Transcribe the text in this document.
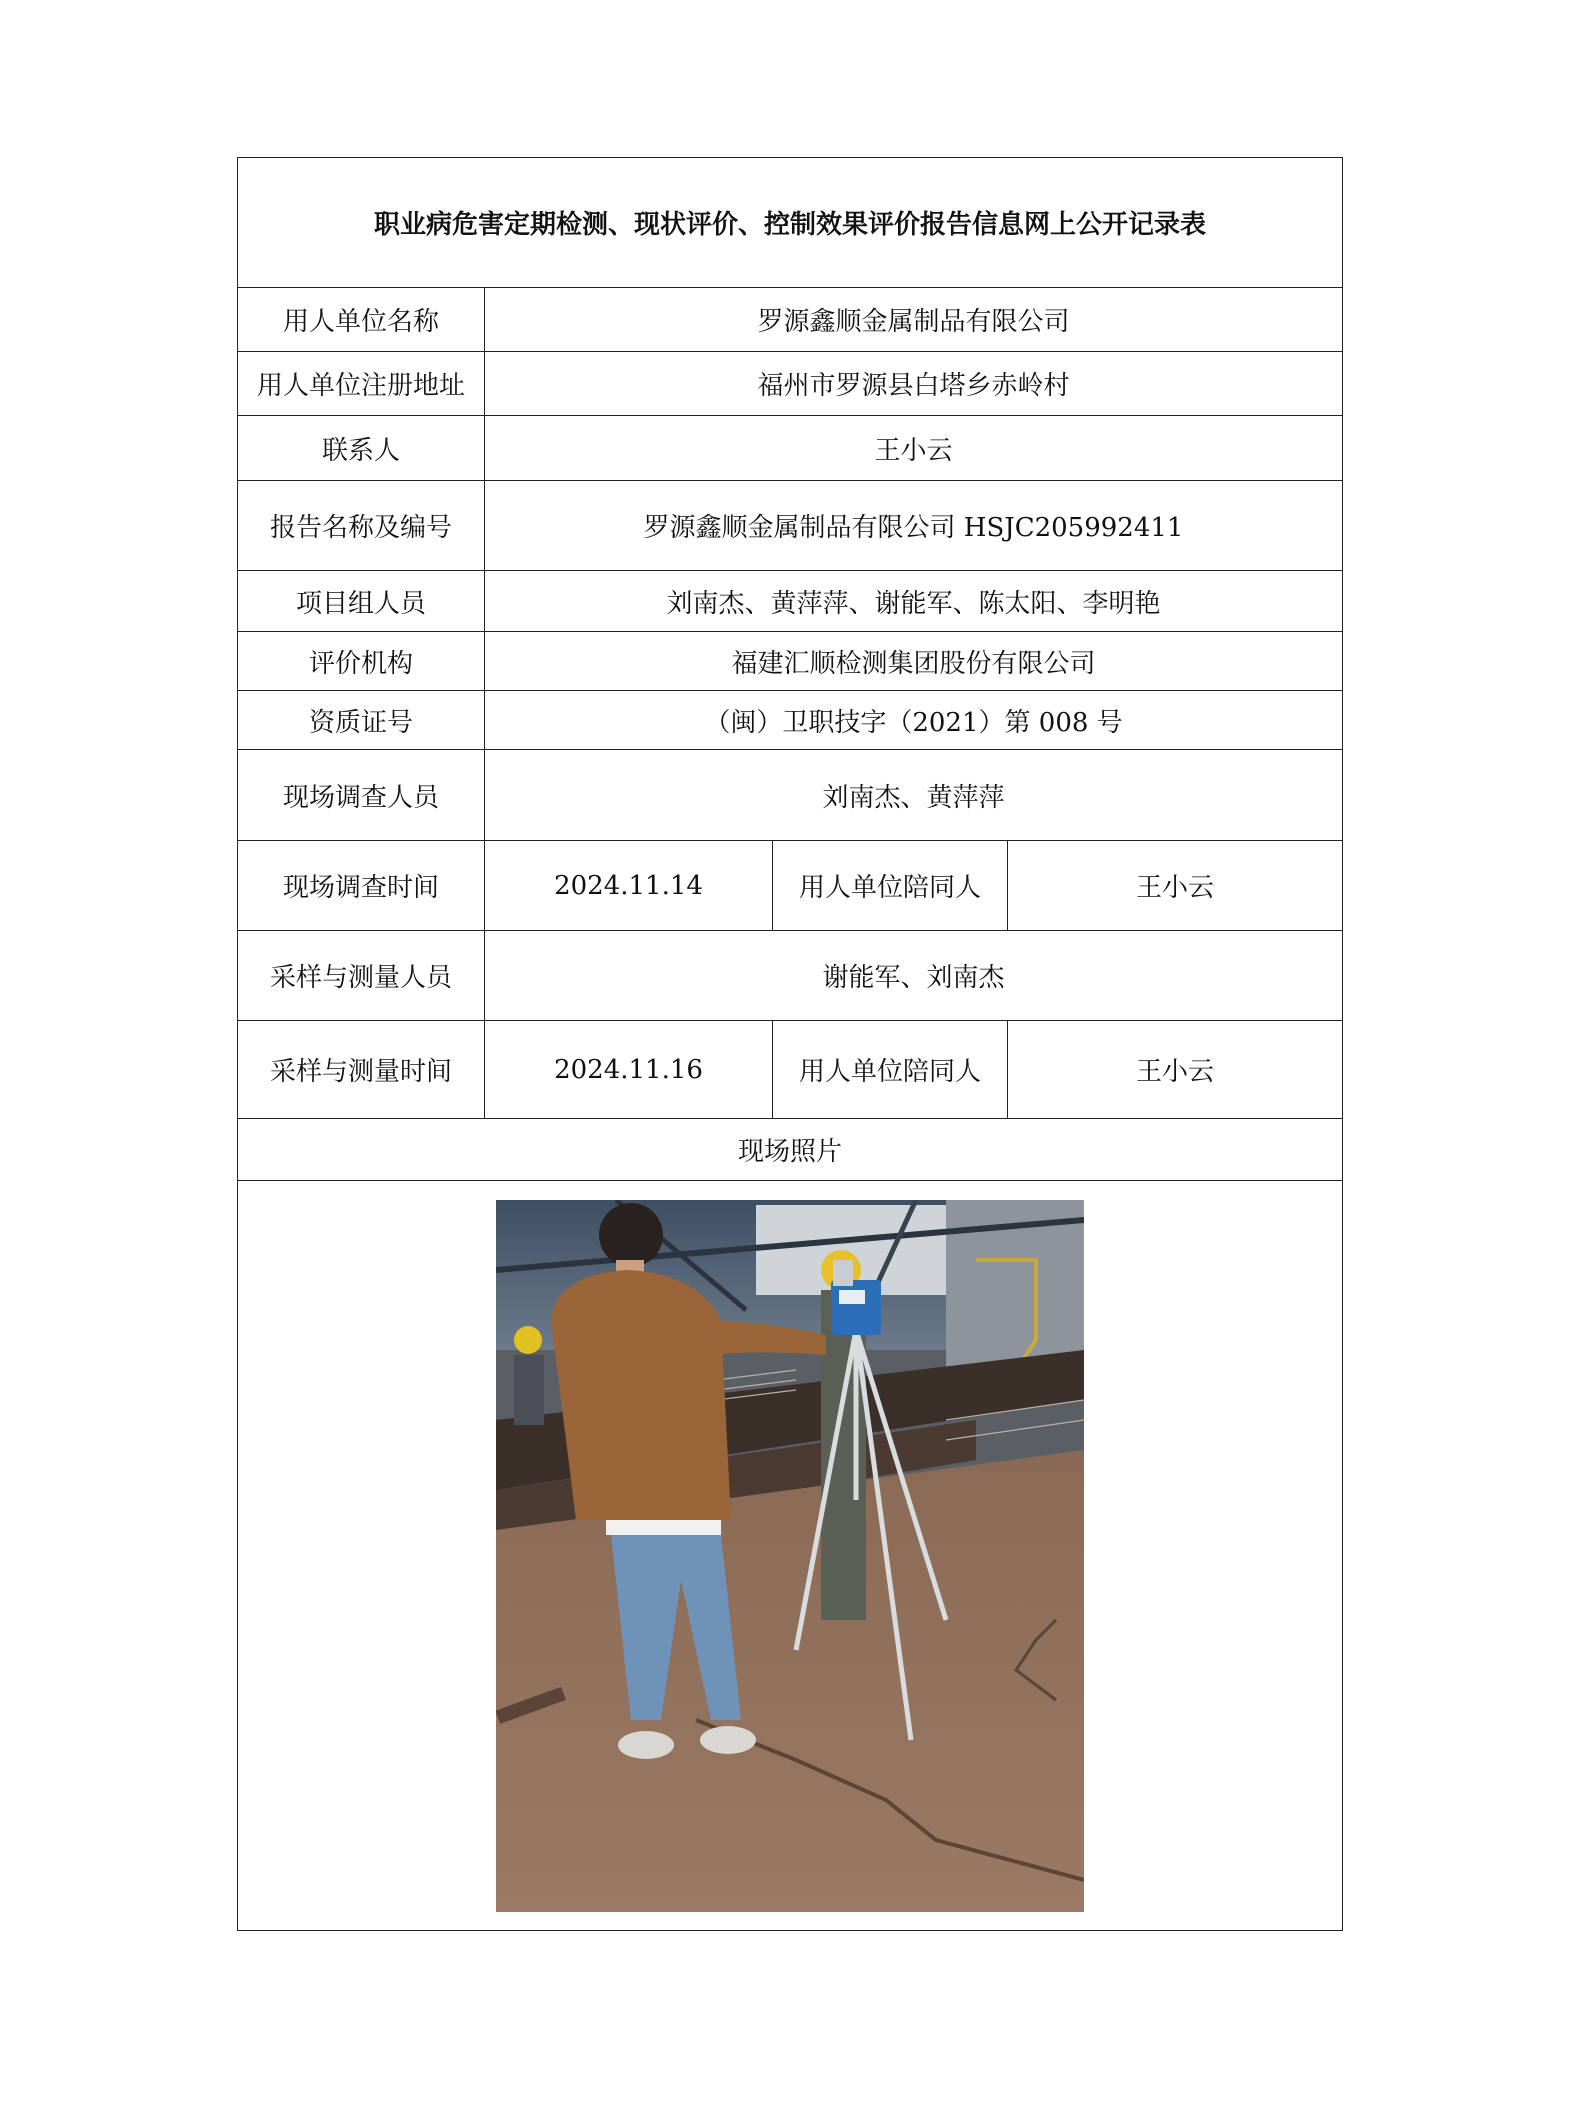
职业病危害定期检测、现状评价、控制效果评价报告信息网上公开记录表			
用人单位名称	罗源鑫顺金属制品有限公司		
用人单位注册地址	福州市罗源县白塔乡赤岭村		
联系人	王小云		
报告名称及编号	罗源鑫顺金属制品有限公司 HSJC205992411		
项目组人员	刘南杰、黄萍萍、谢能军、陈太阳、李明艳		
评价机构	福建汇顺检测集团股份有限公司		
资质证号	（闽）卫职技字（2021）第 008 号		
现场调查人员	刘南杰、黄萍萍		
现场调查时间	2024.11.14	用人单位陪同人	王小云
采样与测量人员	谢能军、刘南杰		
采样与测量时间	2024.11.16	用人单位陪同人	王小云
现场照片			
